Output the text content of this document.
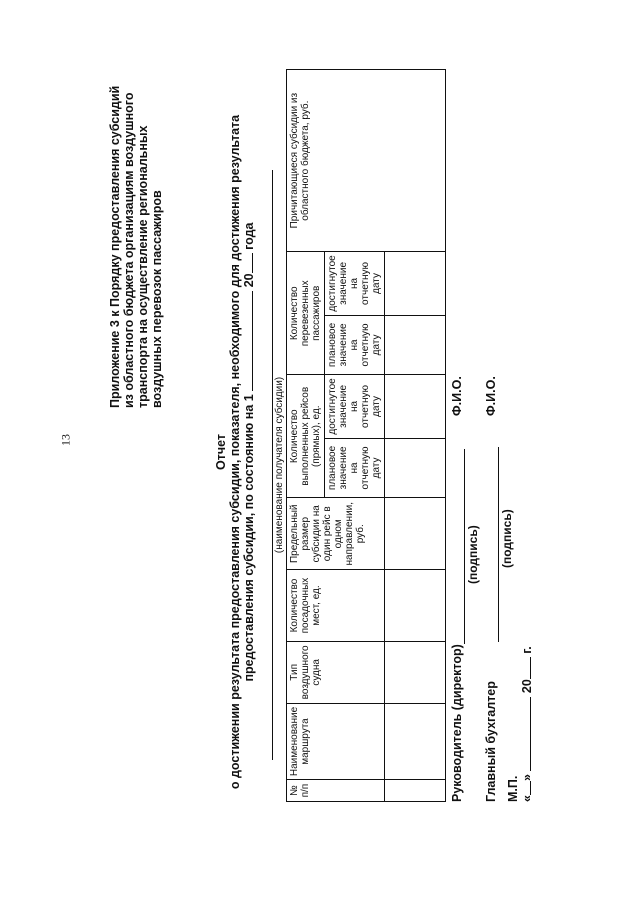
13
Приложение 3 к Порядку предоставления субсидий из областного бюджета организациям воздушного транспорта на осуществление региональных воздушных перевозок пассажиров
Отчет о достижении результата предоставления субсидии, показателя, необходимого для достижения результата предоставления субсидии, по состоянию на 1  20 года
(наименование получателя субсидии)
№ п/п	Наименование маршрута	Тип воздушного судна	Количество посадочных мест, ед.	Предельный размер субсидии на один рейс в одном направлении, руб.	Количество выполненных рейсов (прямых), ед.		Количество перевезенных пассажиров		Причитающиеся субсидии из областного бюджета, руб.
					плановое значение на отчетную дату	достигнутое значение на отчетную дату	плановое значение на отчетную дату	достигнутое значение на отчетную дату	

Руководитель (директор)
(подпись)
Ф.И.О.
Главный бухгалтер
(подпись)
Ф.И.О.
М.П. «»  20 г.
